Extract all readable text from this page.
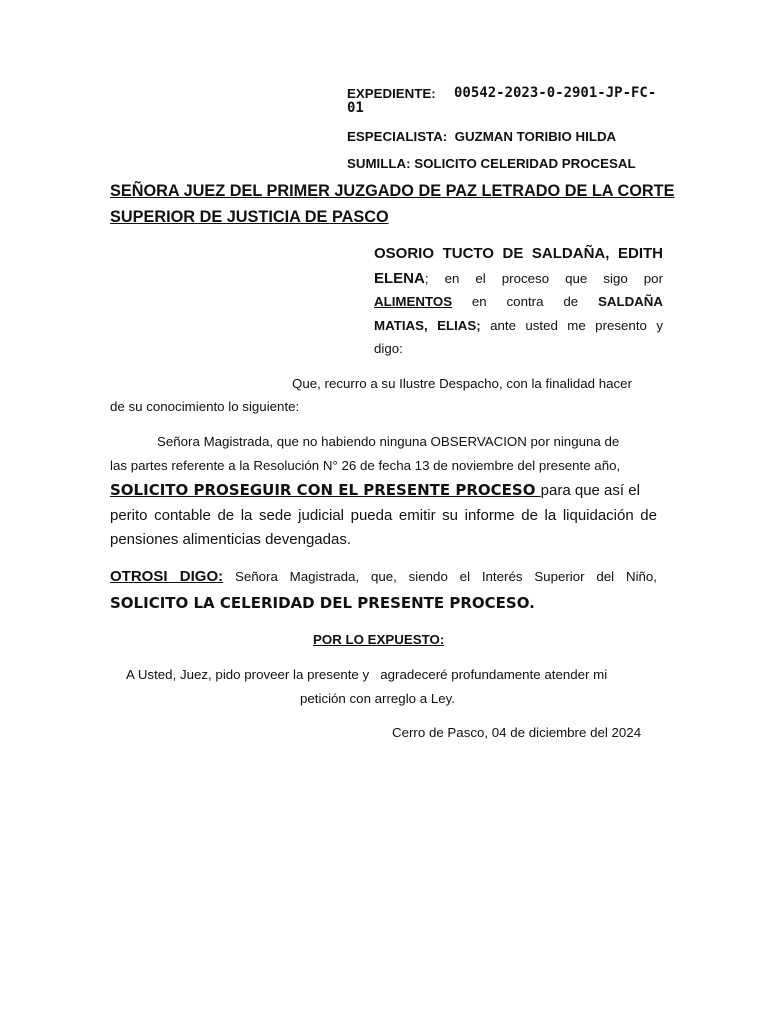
EXPEDIENTE:	00542-2023-0-2901-JP-FC-
01
ESPECIALISTA: GUZMAN TORIBIO HILDA
SUMILLA: SOLICITO CELERIDAD PROCESAL
SEÑORA JUEZ DEL PRIMER JUZGADO DE PAZ LETRADO DE LA CORTE
SUPERIOR DE JUSTICIA DE PASCO
OSORIO TUCTO DE SALDAÑA, EDITH
ELENA; en el proceso que sigo por
ALIMENTOS en contra de SALDAÑA
MATIAS, ELIAS; ante usted me presento y
digo:
Que, recurro a su Ilustre Despacho, con la finalidad hacer
de su conocimiento lo siguiente:
Señora Magistrada, que no habiendo ninguna OBSERVACION por ninguna de
las partes referente a la Resolución N° 26 de fecha 13 de noviembre del presente año,
SOLICITO PROSEGUIR CON EL PRESENTE PROCESO para que así el
perito contable de la sede judicial pueda emitir su informe de la liquidación de
pensiones alimenticias devengadas.
OTROSI DIGO: Señora Magistrada, que, siendo el Interés Superior del Niño,
SOLICITO LA CELERIDAD DEL PRESENTE PROCESO.
POR LO EXPUESTO:
A Usted, Juez, pido proveer la presente y   agradeceré profundamente atender mi
petición con arreglo a Ley.
Cerro de Pasco, 04 de diciembre del 2024
